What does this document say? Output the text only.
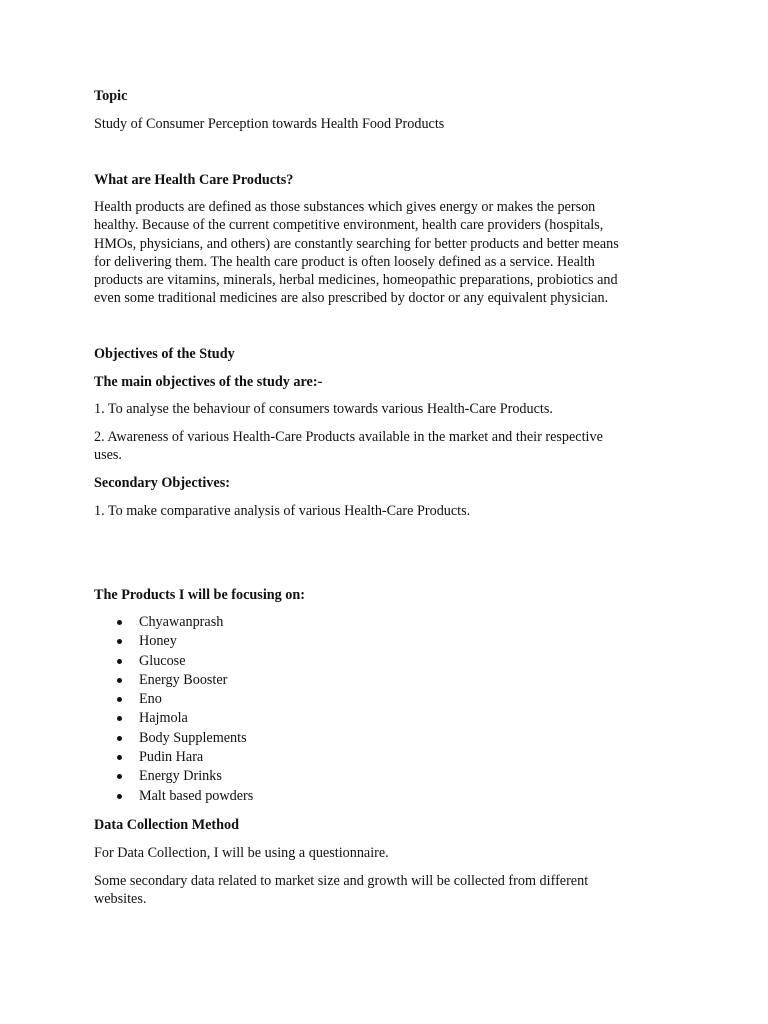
Topic

Study of Consumer Perception towards Health Food Products

What are Health Care Products?

Health products are defined as those substances which gives energy or makes the person
healthy. Because of the current competitive environment, health care providers (hospitals,
HMOs, physicians, and others) are constantly searching for better products and better means
for delivering them. The health care product is often loosely defined as a service. Health
products are vitamins, minerals, herbal medicines, homeopathic preparations, probiotics and
even some traditional medicines are also prescribed by doctor or any equivalent physician.

Objectives of the Study

The main objectives of the study are:-

1. To analyse the behaviour of consumers towards various Health-Care Products.

2. Awareness of various Health-Care Products available in the market and their respective
uses.

Secondary Objectives:

1. To make comparative analysis of various Health-Care Products.

The Products I will be focusing on:

Chyawanprash
Honey
Glucose
Energy Booster
Eno
Hajmola
Body Supplements
Pudin Hara
Energy Drinks
Malt based powders

Data Collection Method

For Data Collection, I will be using a questionnaire.

Some secondary data related to market size and growth will be collected from different
websites.
